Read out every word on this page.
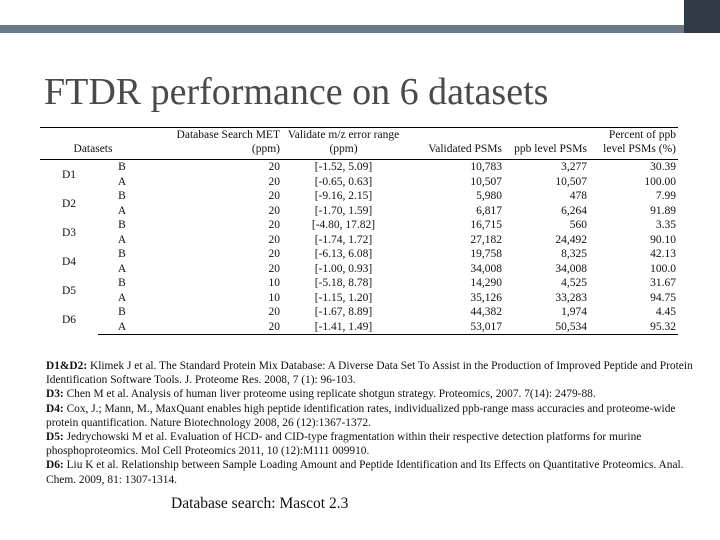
FTDR performance on 6 datasets
Datasets		Database Search MET (ppm)	Validate m/z error range (ppm)	Validated PSMs	ppb level PSMs	Percent of ppb level PSMs (%)
D1	B	20	[-1.52, 5.09]	10,783	3,277	30.39
	A	20	[-0.65, 0.63]	10,507	10,507	100.00
D2	B	20	[-9.16, 2.15]	5,980	478	7.99
	A	20	[-1.70, 1.59]	6,817	6,264	91.89
D3	B	20	[-4.80, 17.82]	16,715	560	3.35
	A	20	[-1.74, 1.72]	27,182	24,492	90.10
D4	B	20	[-6.13, 6.08]	19,758	8,325	42.13
	A	20	[-1.00, 0.93]	34,008	34,008	100.0
D5	B	10	[-5.18, 8.78]	14,290	4,525	31.67
	A	10	[-1.15, 1.20]	35,126	33,283	94.75
D6	B	20	[-1.67, 8.89]	44,382	1,974	4.45
	A	20	[-1.41, 1.49]	53,017	50,534	95.32

D1&D2: Klimek J et al. The Standard Protein Mix Database: A Diverse Data Set To Assist in the Production of Improved Peptide and Protein Identification Software Tools. J. Proteome Res. 2008, 7 (1): 96-103.

D3: Chen M et al. Analysis of human liver proteome using replicate shotgun strategy. Proteomics, 2007. 7(14): 2479-88.

D4: Cox, J.; Mann, M., MaxQuant enables high peptide identification rates, individualized ppb-range mass accuracies and proteome-wide protein quantification. Nature Biotechnology 2008, 26 (12):1367-1372.

D5: Jedrychowski M et al. Evaluation of HCD- and CID-type fragmentation within their respective detection platforms for murine phosphoproteomics. Mol Cell Proteomics 2011, 10 (12):M111 009910.

D6: Liu K et al. Relationship between Sample Loading Amount and Peptide Identification and Its Effects on Quantitative Proteomics. Anal. Chem. 2009, 81: 1307-1314.

Database search: Mascot 2.3
